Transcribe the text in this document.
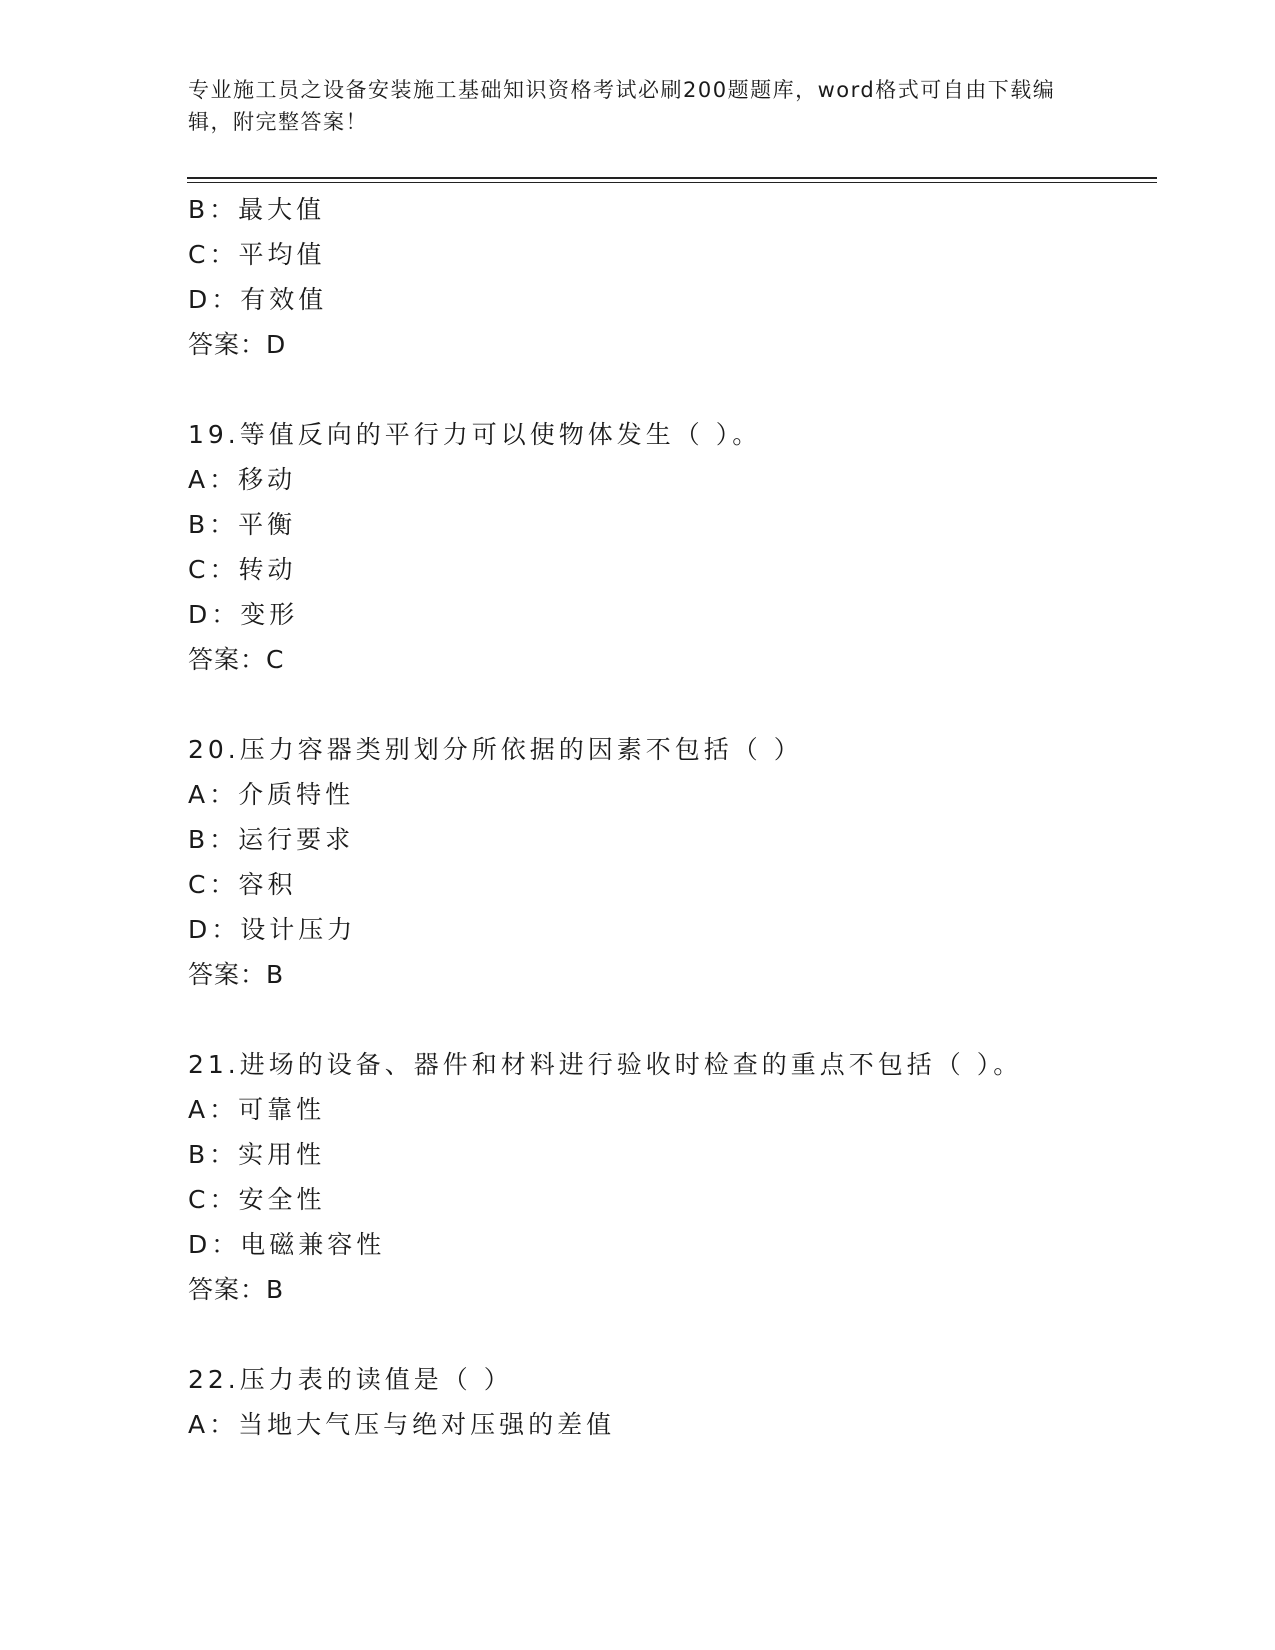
专业施工员之设备安装施工基础知识资格考试必刷200题题库，word格式可自由下载编辑，附完整答案！
B：最大值
C：平均值
D：有效值
答案：D
19.等值反向的平行力可以使物体发生（ ）。
A：移动
B：平衡
C：转动
D：变形
答案：C
20.压力容器类别划分所依据的因素不包括（ ）
A：介质特性
B：运行要求
C：容积
D：设计压力
答案：B
21.进场的设备、器件和材料进行验收时检查的重点不包括（ ）。
A：可靠性
B：实用性
C：安全性
D：电磁兼容性
答案：B
22.压力表的读值是（ ）
A：当地大气压与绝对压强的差值
